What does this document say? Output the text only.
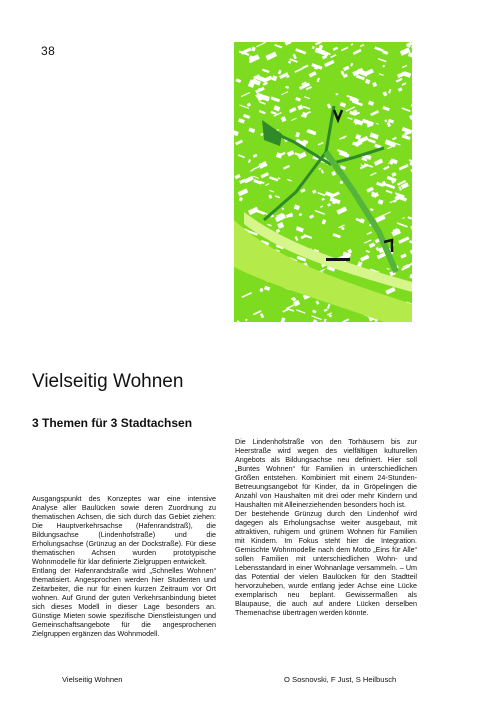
38
Vielseitig Wohnen
3 Themen für 3 Stadtachsen

Ausgangspunkt des Konzeptes war eine intensive Analyse aller Baulücken sowie deren Zuordnung zu thematischen Achsen, die sich durch das Gebiet ziehen: Die Hauptverkehrsachse (Hafenrandstraß), die Bildungsachse (Lindenhofstraße) und die Erholungsachse (Grünzug an der Dockstraße). Für diese thematischen Achsen wurden prototypische Wohnmodelle für klar definierte Zielgruppen entwickelt.

Entlang der Hafenrandstraße wird „Schnelles Wohnen“ thematisiert. Angesprochen werden hier Studenten und Zeitarbeiter, die nur für einen kurzen Zeitraum vor Ort wohnen. Auf Grund der guten Verkehrsanbindung bietet sich dieses Modell in dieser Lage besonders an. Günstige Mieten sowie spezifische Dienstleistungen und Gemeinschaftsangebote für die angesprochenen Zielgruppen ergänzen das Wohnmodell.

Die Lindenhofstraße von den Torhäusern bis zur Heerstraße wird wegen des vielfältigen kulturellen Angebots als Bildungsachse neu definiert. Hier soll „Buntes Wohnen“ für Familien in unterschiedlichen Größen entstehen. Kombiniert mit einem 24-Stunden-Betreuungsangebot für Kinder, da in Gröpelingen die Anzahl von Haushalten mit drei oder mehr Kindern und Haushalten mit Alleinerziehenden besonders hoch ist.

Der bestehende Grünzug durch den Lindenhof wird dagegen als Erholungsachse weiter ausgebaut, mit attraktiven, ruhigem und grünem Wohnen für Familien mit Kindern. Im Fokus steht hier die Integration. Gemischte Wohnmodelle nach dem Motto „Eins für Alle“ sollen Familien mit unterschiedlichen Wohn- und Lebensstandard in einer Wohnanlage versammeln. – Um das Potential der vielen Baulücken für den Stadtteil hervorzuheben, wurde entlang jeder Achse eine Lücke exemplarisch neu beplant. Gewissermaßen als Blaupause, die auch auf andere Lücken derselben Themenachse übertragen werden könnte.

Vielseitig Wohnen	O Sosnovski, F Just, S Heilbusch
